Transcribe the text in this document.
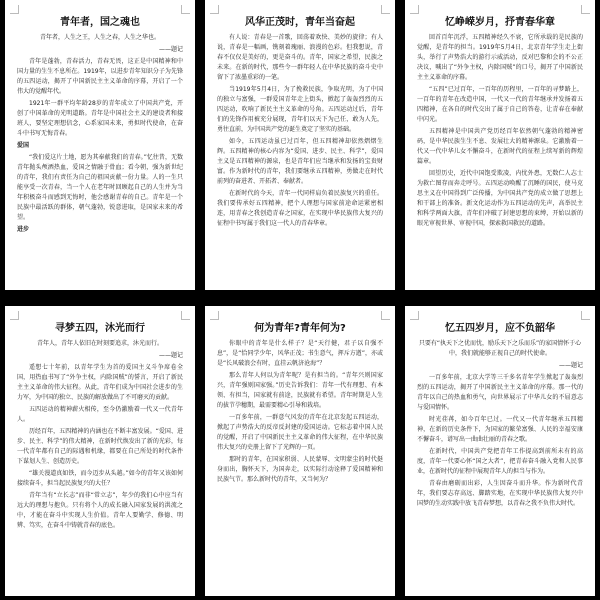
青年者，国之魂也
青年者，人生之王，人生之春，人生之华也。
——题记

青年是蓬勃，青春活力，青春无畏，这正是中国精神和中国力量的生生不息所在。1919年，以进步青年知识分子为先锋的五四运动，揭开了中国新民主主义革命的序幕，开启了一个伟大的觉醒年代。

1921年一群平均年龄28岁的青年成立了中国共产党，开创了中国革命的光明道路。青年是中国社会主义的建设者和接班人，要坚定理想信念，心系家国未来，勇担时代使命，在奋斗中书写无悔青春。

爱国

“我们爱这片土地，愿为其奉献我们的青春。”忆往昔，无数青年抛头颅洒热血，爱国之情融于骨血；看今朝，强为新世纪的青年，我们有责任为自己的祖国贡献一份力量。人的一生只能享受一次青春，当一个人在老年时回顾起自己的人生并为当年积极奋斗而感到无悔时，他会感谢青春的自己。青年是一个民族中最活跃的群体，朝气蓬勃，锐意进取，是国家未来的希望。

进步

风华正茂时，青年当奋起

有人说：青春是一首歌，回荡着欢快、美妙的旋律；有人说，青春是一幅画，镌刻着瑰丽、浪漫的色彩。但我想说，青春不仅仅是美好的，更是奋斗的。青年，国家之希望，民族之未来。在新的时代，那些令一群年轻人在中华民族的奋斗史中留下了浓墨重彩的一笔。

当1919年5月4日，为了挽救民族，争取光明，为了中国的独立与富强，一群爱国青年走上街头，掀起了轰轰烈烈的五四运动，吹响了新民主主义革命的号角。五四运动过后，青年们的先锋作用被充分展现，青年们以天下为己任，敢为人先，勇往直前，为中国共产党的诞生奠定了坚实的基础。

如今，五四运动虽已过百年，但五四精神却依然熠熠生辉。五四精神的核心内容为“爱国、进步、民主、科学”，爱国主义是五四精神的源泉，也是青年们应当继承和发扬的宝贵财富。作为新时代的青年，我们要继承五四精神，勇做走在时代前列的奋进者、开拓者、奉献者。

在新时代的今天，青年一代同样肩负着民族复兴的重任。我们要传承好五四精神，把个人理想与国家前途命运紧密相连，用青春之我创造青春之国家，在实现中华民族伟大复兴的征程中书写属于我们这一代人的青春华章。

忆峥嵘岁月，抒青春华章

回首百年沉浮，五四精神经久不衰，它所承载的是民族的觉醒，是青年的担当。1919年5月4日，北京青年学生走上街头，举行了声势浩大的游行示威活动，反对巴黎和会的不公正决议，喊出了“外争主权，内除国贼”的口号，揭开了中国新民主主义革命的序幕。

“五四”已过百年，一百年的历程里，一百年的寻梦路上，一百年的青年在改造中国，一代又一代的青年继承并发扬着五四精神，在各自的时代交出了属于自己的答卷，让青春在奉献中闪光。

五四精神是中国共产党历经百年依然朝气蓬勃的精神密码，是中华民族生生不息、发展壮大的精神源泉。它激励着一代又一代中华儿女不懈奋斗，在新时代的征程上续写新的辉煌篇章。

回望历史，近代中国饱受欺凌，内忧外患，无数仁人志士为救亡图存而奔走呼号。五四运动唤醒了沉睡的国民，使马克思主义在中国得到广泛传播，为中国共产党的成立做了思想上和干部上的准备。新文化运动作为五四运动的先声，高举民主和科学两面大旗，青年们冲破了封建思想的束缚，开始以新的眼光审视世界、审视中国，探索救国救民的道路。

寻梦五四，沐光而行
青年人，青年人依旧在时刻要追求，沐光而行。
——题记

遥想七十年前，以青年学生为首的爱国主义斗争席卷全国，用热血书写了“外争主权，内除国贼”的誓言，开启了新民主主义革命的伟大征程。从此，青年们成为中国社会进步的生力军，为中国的独立、民族的解放做出了不可磨灭的贡献。

五四运动的精神薪火相传，至今仍激励着一代又一代青年人。

历经百年，五四精神的内涵也在不断丰富发展。“爱国、进步、民主、科学”的伟大精神，在新时代焕发出了新的光彩，每一代青年都有自己的际遇和机缘，都要在自己所处的时代条件下谋划人生、创造历史。

“雄关漫道真如铁，而今迈步从头越。”如今的青年又该如何接续奋斗，担当起民族复兴的大任？

青年当有“立长志”而非“常立志”，年少的我们心中应当有远大的理想与抱负。只有将个人的成长融入国家发展的洪流之中，才能在奋斗中实现人生价值。青年人要勤学、修德、明辨、笃实，在奋斗中铸就青春的底色。

何为青年?青年何为?

你眼中的青年是什么样子？是“天行健，君子以自强不息”，是“恰同学少年，风华正茂；书生意气，挥斥方遒”，亦或是“长风破浪会有时，直挂云帆济沧海”？

那么青年人何以为青年呢？是有担当的。“青年兴则国家兴，青年强则国家强。”历史告诉我们：青年一代有理想、有本领、有担当，国家就有前途，民族就有希望。青年时期是人生的拔节孕穗期，最需要精心引导和栽培。

一百多年前，一群意气风发的青年在北京发起五四运动，掀起了声势浩大的反帝反封建的爱国运动。它标志着中国人民的觉醒，开启了中国新民主主义革命的伟大征程，在中华民族伟大复兴的史册上留下了光辉的一页。

那时的青年，在国家积弱、人民蒙辱、文明蒙尘的时代挺身而出，胸怀天下，为国奔走，以实际行动诠释了爱国精神和民族气节。那么新时代的青年，又当何为？

忆五四岁月，应不负韶华
只要有“执天下之优而忧，励乐天下之乐而乐”的家国情怀于心中，我们就能够正视自己的时代使命。
——题记

一百多年前，北京大学等三千多名青年学生掀起了轰轰烈烈的五四运动，揭开了中国新民主主义革命的序幕。那一代的青年以自己的热血和勇气，向世界展示了中华儿女的不屈意志与爱国情怀。

时光荏苒，如今百年已过。一代又一代青年继承五四精神，在新的历史条件下，为国家的繁荣富强、人民的幸福安康不懈奋斗，谱写出一曲曲壮丽的青春之歌。

在新时代，中国共产党把青年工作提高到前所未有的高度，青年一代要心怀“国之大者”，把青春奋斗融入党和人民事业，在新时代的征程中展现青年人的担当与作为。

青春由磨砺而出彩，人生因奋斗而升华。作为新时代青年，我们要志存高远、脚踏实地，在实现中华民族伟大复兴中国梦的生动实践中放飞青春梦想，以青春之我不负伟大时代。
